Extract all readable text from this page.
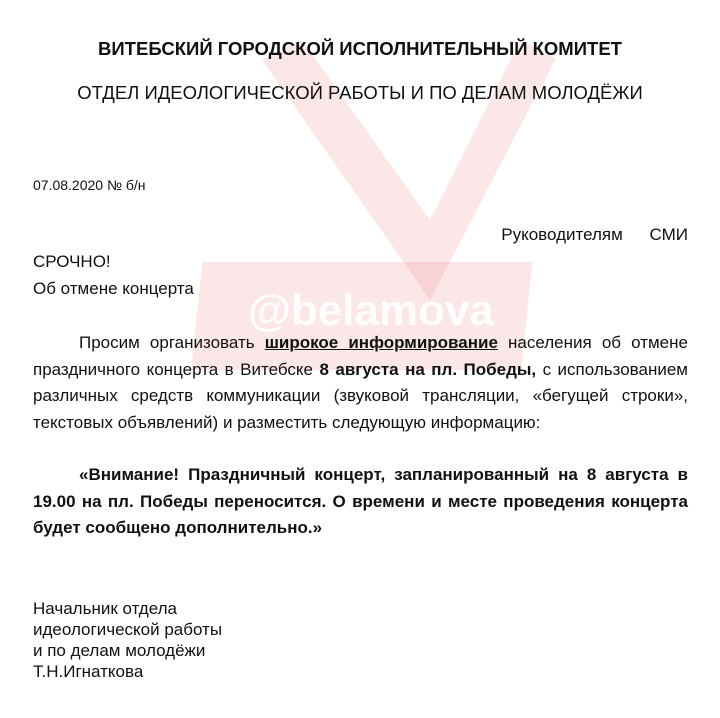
@belamova
ВИТЕБСКИЙ ГОРОДСКОЙ ИСПОЛНИТЕЛЬНЫЙ КОМИТЕТ
ОТДЕЛ ИДЕОЛОГИЧЕСКОЙ РАБОТЫ И ПО ДЕЛАМ МОЛОДЁЖИ
07.08.2020 № б/н
Руководителям СМИ
СРОЧНО!
Об отмене концерта

Просим организовать широкое информирование населения об отмене праздничного концерта в Витебске 8 августа на пл. Победы, с использованием различных средств коммуникации (звуковой трансляции, «бегущей строки», текстовых объявлений) и разместить следующую информацию:

«Внимание! Праздничный концерт, запланированный на 8 августа в 19.00 на пл. Победы переносится. О времени и месте проведения концерта будет сообщено дополнительно.»

Начальник отдела
идеологической работы
и по делам молодёжи
Т.Н.Игнаткова
